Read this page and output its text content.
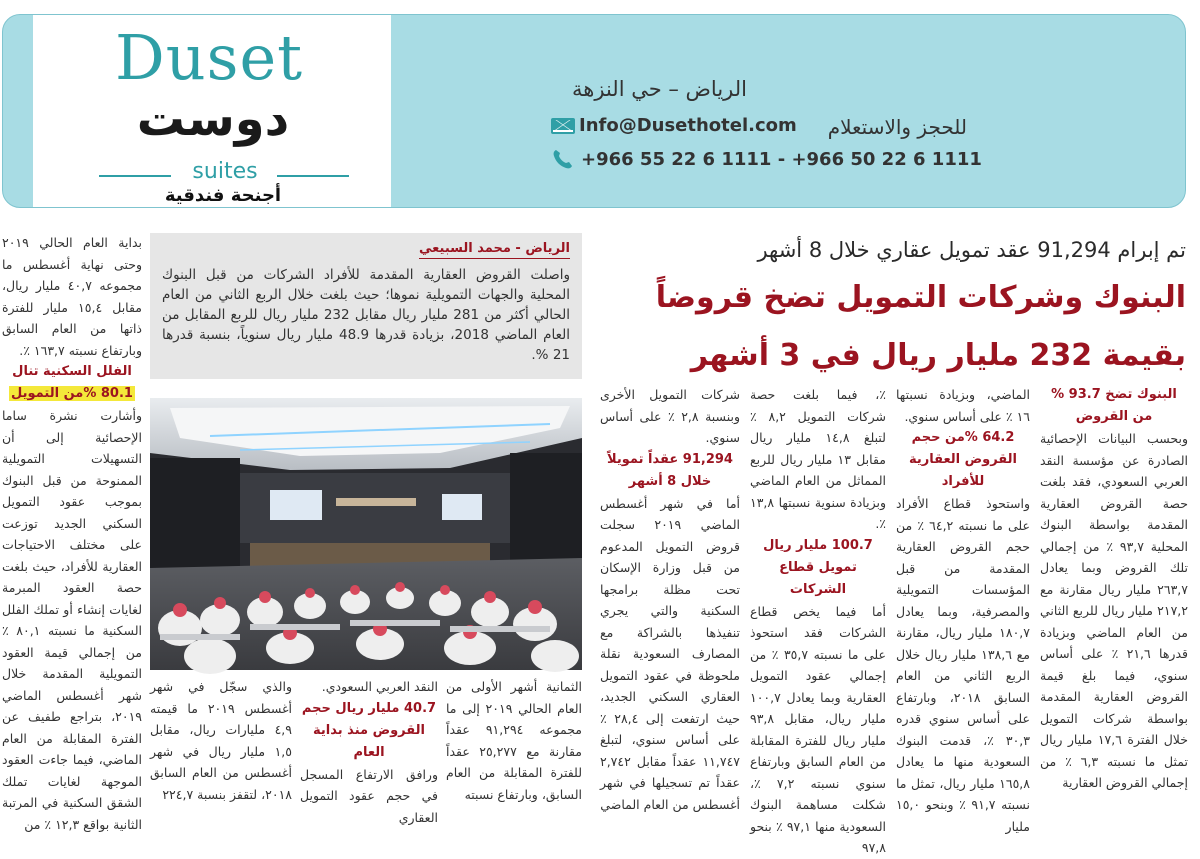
Duset
دوست
suites
أجنحة فندقية
الرياض – حي النزهة
للحجز والاستعلام
Info@Dusethotel.com
+966 55 22 6 1111 - +966 50 22 6 1111
تم إبرام 91,294 عقد تمويل عقاري خلال 8 أشهر
البنوك وشركات التمويل تضخ قروضاً
بقيمة 232 مليار ريال في 3 أشهر
الرياض - محمد السبيعي

واصلت القروض العقارية المقدمة للأفراد الشركات من قبل البنوك المحلية والجهات التمويلية نموها؛ حيث بلغت خلال الربع الثاني من العام الحالي أكثر من 281 مليار ريال مقابل 232 مليار ريال للربع المقابل من العام الماضي 2018، بزيادة قدرها 48.9 مليار ريال سنوياً، بنسبة قدرها 21 %.

البنوك تضخ 93.7 % من القروض

وبحسب البيانات الإحصائية الصادرة عن مؤسسة النقد العربي السعودي، فقد بلغت حصة القروض العقارية المقدمة بواسطة البنوك المحلية ٩٣,٧ ٪ من إجمالي تلك القروض وبما يعادل ٢٦٣,٧ مليار ريال مقارنة مع ٢١٧,٢ مليار ريال للربع الثاني من العام الماضي وبزيادة قدرها ٢١,٦ ٪ على أساس سنوي، فيما بلغ قيمة القروض العقارية المقدمة بواسطة شركات التمويل خلال الفترة ١٧,٦ مليار ريال تمثل ما نسبته ٦,٣ ٪ من إجمالي القروض العقارية

الماضي، وبزيادة نسبتها ١٦ ٪ على أساس سنوي.

64.2 %من حجم القروض العقارية للأفراد

واستحوذ قطاع الأفراد على ما نسبته ٦٤,٢ ٪ من حجم القروض العقارية المقدمة من قبل المؤسسات التمويلية والمصرفية، وبما يعادل ١٨٠,٧ مليار ريال، مقارنة مع ١٣٨,٦ مليار ريال خلال الربع الثاني من العام السابق ٢٠١٨، وبارتفاع على أساس سنوي قدره ٣٠,٣ ٪، قدمت البنوك السعودية منها ما يعادل ١٦٥,٨ مليار ريال، تمثل ما نسبته ٩١,٧ ٪ وبنحو ١٥,٠ مليار

٪، فيما بلغت حصة شركات التمويل ٨,٢ ٪ لتبلغ ١٤,٨ مليار ريال مقابل ١٣ مليار ريال للربع المماثل من العام الماضي وبزيادة سنوية نسبتها ١٣,٨ ٪.

100.7 مليار ريال تمويل قطاع الشركات

أما فيما يخص قطاع الشركات فقد استحوذ على ما نسبته ٣٥,٧ ٪ من إجمالي عقود التمويل العقارية وبما يعادل ١٠٠,٧ مليار ريال، مقابل ٩٣,٨ مليار ريال للفترة المقابلة من العام السابق وبارتفاع سنوي نسبته ٧,٢ ٪، شكلت مساهمة البنوك السعودية منها ٩٧,١ ٪ بنحو ٩٧,٨

شركات التمويل الأخرى وبنسبة ٢,٨ ٪ على أساس سنوي.

91,294 عقداً تمويلاً خلال 8 أشهر

أما في شهر أغسطس الماضي ٢٠١٩ سجلت قروض التمويل المدعوم من قبل وزارة الإسكان تحت مظلة برامجها السكنية والتي يجري تنفيذها بالشراكة مع المصارف السعودية نقلة ملحوظة في عقود التمويل العقاري السكني الجديد، حيث ارتفعت إلى ٢٨,٤ ٪ على أساس سنوي، لتبلغ ١١,٧٤٧ عقداً مقابل ٢,٧٤٢ عقداً تم تسجيلها في شهر أغسطس من العام الماضي

الثمانية أشهر الأولى من العام الحالي ٢٠١٩ إلى ما مجموعه ٩١,٢٩٤ عقداً مقارنة مع ٢٥,٢٧٧ عقداً للفترة المقابلة من العام السابق، وبارتفاع نسبته

النقد العربي السعودي.

40.7 مليار ريال حجم القروض منذ بداية العام

ورافق الارتفاع المسجل في حجم عقود التمويل العقاري

والذي سجّل في شهر أغسطس ٢٠١٩ ما قيمته ٤,٩ مليارات ريال، مقابل ١,٥ مليار ريال في شهر أغسطس من العام السابق ٢٠١٨، لتقفز بنسبة ٢٢٤,٧

بداية العام الحالي ٢٠١٩ وحتى نهاية أغسطس ما مجموعه ٤٠,٧ مليار ريال، مقابل ١٥,٤ مليار للفترة ذاتها من العام السابق وبارتفاع نسبته ١٦٣,٧ ٪.

الفلل السكنية تنال
80.1 %من التمويل

وأشارت نشرة ساما الإحصائية إلى أن التسهيلات التمويلية الممنوحة من قبل البنوك بموجب عقود التمويل السكني الجديد توزعت على مختلف الاحتياجات العقارية للأفراد، حيث بلغت حصة العقود المبرمة لغايات إنشاء أو تملك الفلل السكنية ما نسبته ٨٠,١ ٪ من إجمالي قيمة العقود التمويلية المقدمة خلال شهر أغسطس الماضي ٢٠١٩، بتراجع طفيف عن الفترة المقابلة من العام الماضي، فيما جاءت العقود الموجهة لغايات تملك الشقق السكنية في المرتبة الثانية بواقع ١٢,٣ ٪ من
